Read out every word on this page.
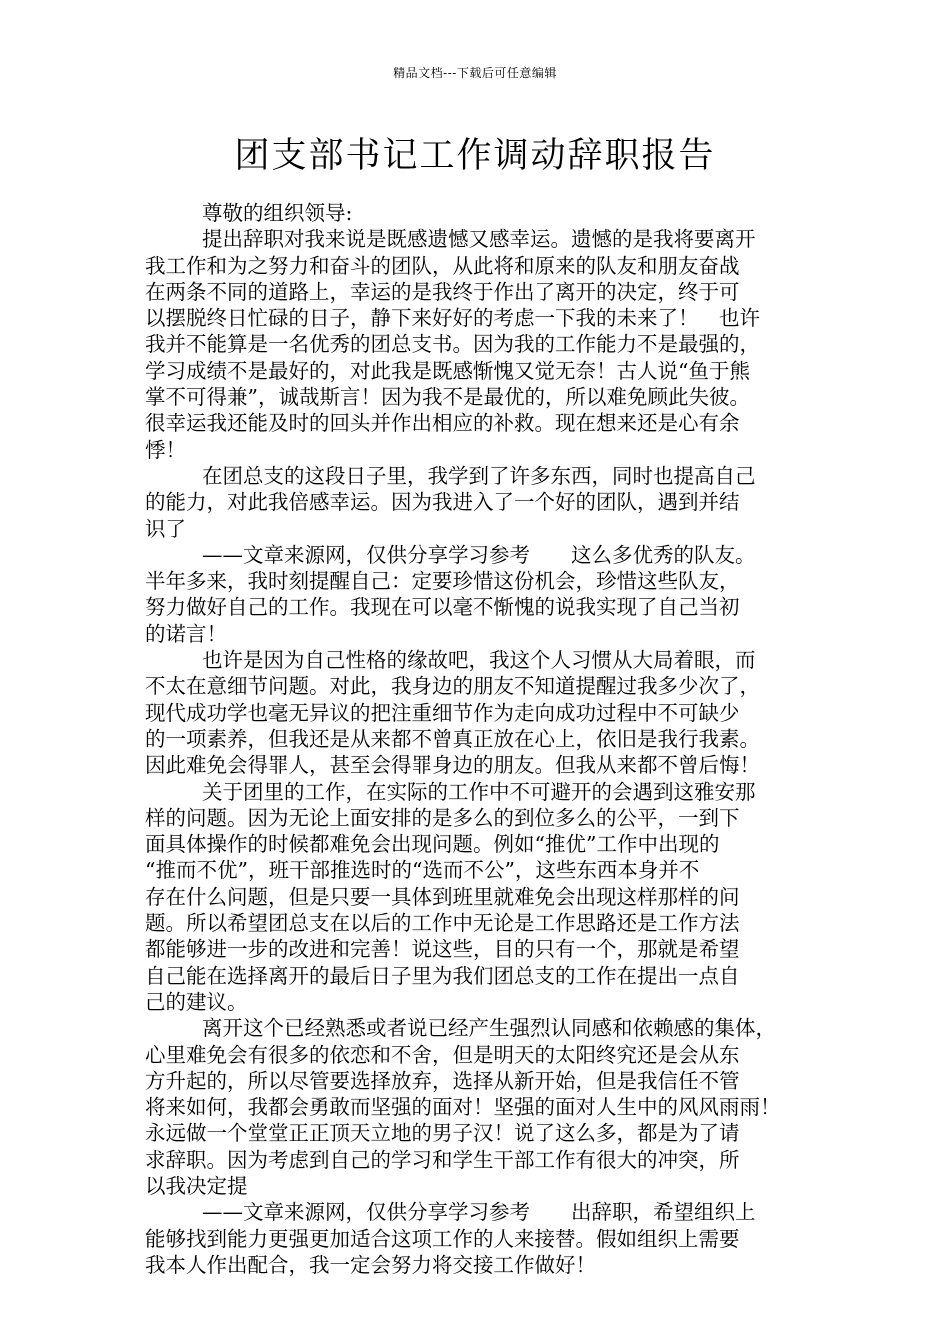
精品文档---下载后可任意编辑
团支部书记工作调动辞职报告
尊敬的组织领导:
提出辞职对我来说是既感遗憾又感幸运。遗憾的是我将要离开
我工作和为之努力和奋斗的团队，从此将和原来的队友和朋友奋战
在两条不同的道路上，幸运的是我终于作出了离开的决定，终于可
以摆脱终日忙碌的日子，静下来好好的考虑一下我的未来了！　也许
我并不能算是一名优秀的团总支书。因为我的工作能力不是最强的，
学习成绩不是最好的，对此我是既感惭愧又觉无奈！古人说“鱼于熊
掌不可得兼”，诚哉斯言！因为我不是最优的，所以难免顾此失彼。
很幸运我还能及时的回头并作出相应的补救。现在想来还是心有余
悸！
在团总支的这段日子里，我学到了许多东西，同时也提高自己
的能力，对此我倍感幸运。因为我进入了一个好的团队，遇到并结
识了
——文章来源网，仅供分享学习参考　　这么多优秀的队友。
半年多来，我时刻提醒自己：定要珍惜这份机会，珍惜这些队友，
努力做好自己的工作。我现在可以毫不惭愧的说我实现了自己当初
的诺言！
也许是因为自己性格的缘故吧，我这个人习惯从大局着眼，而
不太在意细节问题。对此，我身边的朋友不知道提醒过我多少次了，
现代成功学也毫无异议的把注重细节作为走向成功过程中不可缺少
的一项素养，但我还是从来都不曾真正放在心上，依旧是我行我素。
因此难免会得罪人，甚至会得罪身边的朋友。但我从来都不曾后悔！
关于团里的工作，在实际的工作中不可避开的会遇到这雅安那
样的问题。因为无论上面安排的是多么的到位多么的公平，一到下
面具体操作的时候都难免会出现问题。例如“推优”工作中出现的
“推而不优”，班干部推选时的“选而不公”，这些东西本身并不
存在什么问题，但是只要一具体到班里就难免会出现这样那样的问
题。所以希望团总支在以后的工作中无论是工作思路还是工作方法
都能够进一步的改进和完善！说这些，目的只有一个，那就是希望
自己能在选择离开的最后日子里为我们团总支的工作在提出一点自
己的建议。
离开这个已经熟悉或者说已经产生强烈认同感和依赖感的集体，
心里难免会有很多的依恋和不舍，但是明天的太阳终究还是会从东
方升起的，所以尽管要选择放弃，选择从新开始，但是我信任不管
将来如何，我都会勇敢而坚强的面对！坚强的面对人生中的风风雨雨！
永远做一个堂堂正正顶天立地的男子汉！说了这么多，都是为了请
求辞职。因为考虑到自己的学习和学生干部工作有很大的冲突，所
以我决定提
——文章来源网，仅供分享学习参考　　出辞职，希望组织上
能够找到能力更强更加适合这项工作的人来接替。假如组织上需要
我本人作出配合，我一定会努力将交接工作做好！
